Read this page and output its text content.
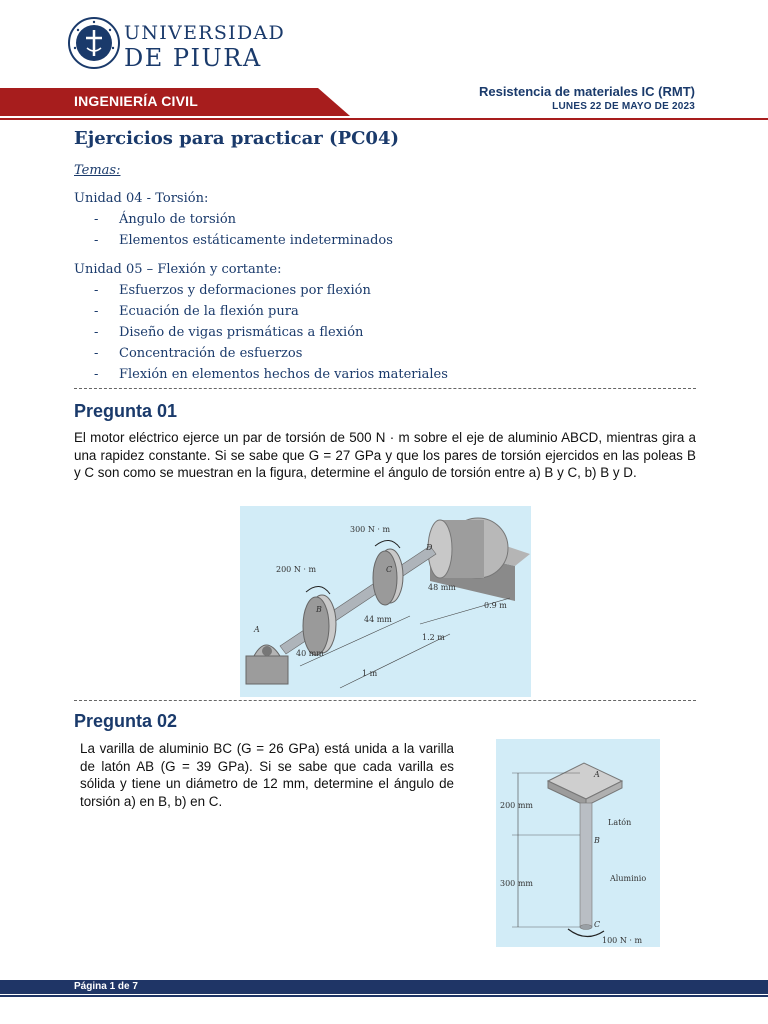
UNIVERSIDAD
DE PIURA
Resistencia de materiales IC (RMT)
LUNES 22 DE MAYO DE 2023
INGENIERÍA CIVIL
Ejercicios para practicar (PC04)
Temas:
Unidad 04 - Torsión:
- Ángulo de torsión
- Elementos estáticamente indeterminados
Unidad 05 – Flexión y cortante:
- Esfuerzos y deformaciones por flexión
- Ecuación de la flexión pura
- Diseño de vigas prismáticas a flexión
- Concentración de esfuerzos
- Flexión en elementos hechos de varios materiales
Pregunta 01
El motor eléctrico ejerce un par de torsión de 500 N · m sobre el eje de aluminio ABCD, mientras gira a una rapidez constante. Si se sabe que G = 27 GPa y que los pares de torsión ejercidos en las poleas B y C son como se muestran en la figura, determine el ángulo de torsión entre a) B y C, b) B y D.
300 N · m
200 N · m
A
B
C
D
48 mm
44 mm
40 mm
0.9 m
1.2 m
1 m
Pregunta 02
La varilla de aluminio BC (G = 26 GPa) está unida a la varilla de latón AB (G = 39 GPa). Si se sabe que cada varilla es sólida y tiene un diámetro de 12 mm, determine el ángulo de torsión a) en B, b) en C.
A
B
C
Latón
Aluminio
200 mm
300 mm
100 N · m
Página 1 de 7
